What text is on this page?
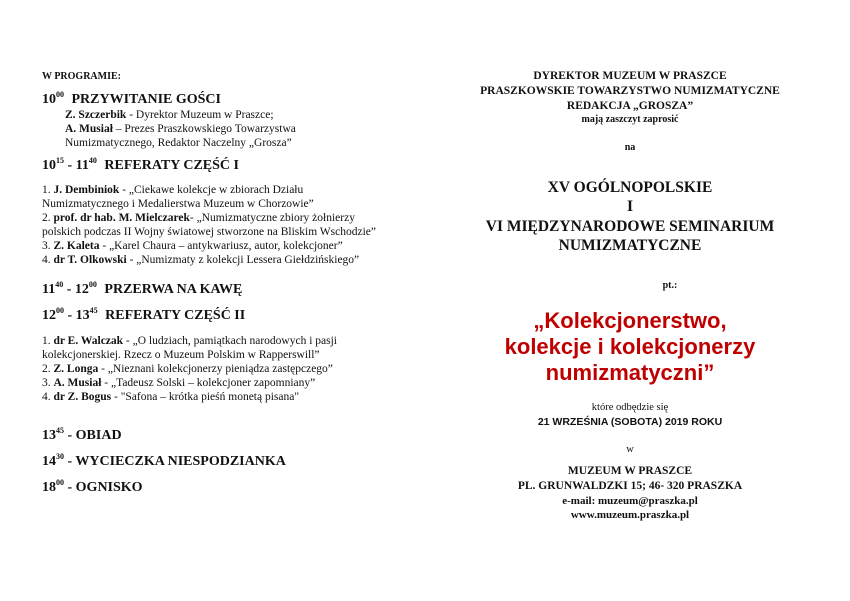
W PROGRAMIE:
$10^{00}$ PRZYWITANIE GOŚCI
Z. Szczerbik - Dyrektor Muzeum w Praszce;
A. Musiał – Prezes Praszkowskiego Towarzystwa
Numizmatycznego, Redaktor Naczelny „Grosza”
$10^{15} - 11^{40}$ REFERATY CZĘŚĆ I
1. J. Dembiniok - „Ciekawe kolekcje w zbiorach Działu
Numizmatycznego i Medalierstwa Muzeum w Chorzowie”
2. prof. dr hab. M. Mielczarek- „Numizmatyczne zbiory żołnierzy
polskich podczas II Wojny światowej stworzone na Bliskim Wschodzie”
3. Z. Kaleta - „Karel Chaura – antykwariusz, autor, kolekcjoner”
4. dr T. Olkowski - „Numizmaty z kolekcji Lessera Giełdzińskiego”
$11^{40} - 12^{00}$ PRZERWA NA KAWĘ
$12^{00} - 13^{45}$ REFERATY CZĘŚĆ II
1. dr E. Walczak - „O ludziach, pamiątkach narodowych i pasji
kolekcjonerskiej. Rzecz o Muzeum Polskim w Rapperswill”
2. Z. Longa - „Nieznani kolekcjonerzy pieniądza zastępczego”
3. A. Musiał - „Tadeusz Solski – kolekcjoner zapomniany”
4. dr Z. Bogus - "Safona – krótka pieśń monetą pisana"
$13^{45}$ - OBIAD
$14^{30}$ - WYCIECZKA NIESPODZIANKA
$18^{00}$ - OGNISKO
DYREKTOR MUZEUM W PRASZCE
PRASZKOWSKIE TOWARZYSTWO NUMIZMATYCZNE
REDAKCJA „GROSZA”
mają zaszczyt zaprosić
na
XV OGÓLNOPOLSKIE
I
VI MIĘDZYNARODOWE SEMINARIUM
NUMIZMATYCZNE
pt.:
„Kolekcjonerstwo,
kolekcje i kolekcjonerzy
numizmatyczni”
które odbędzie się
21 WRZEŚNIA (SOBOTA) 2019 ROKU
w
MUZEUM W PRASZCE
PL. GRUNWALDZKI 15; 46- 320 PRASZKA
e-mail: muzeum@praszka.pl
www.muzeum.praszka.pl
